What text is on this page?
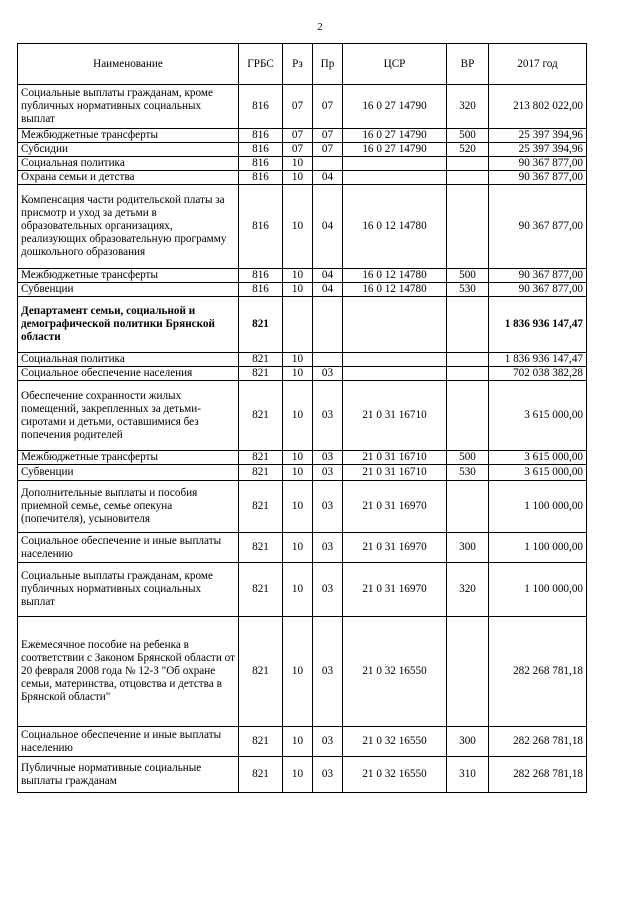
2
Наименование	ГРБС	Рз	Пр	ЦСР	ВР	2017 год
Социальные выплаты гражданам, кроме публичных нормативных социальных выплат	816	07	07	16 0 27 14790	320	213 802 022,00
Межбюджетные трансферты	816	07	07	16 0 27 14790	500	25 397 394,96
Субсидии	816	07	07	16 0 27 14790	520	25 397 394,96
Социальная политика	816	10				90 367 877,00
Охрана семьи и детства	816	10	04			90 367 877,00
Компенсация части родительской платы за присмотр и уход за детьми в образовательных организациях, реализующих образовательную программу дошкольного образования	816	10	04	16 0 12 14780		90 367 877,00
Межбюджетные трансферты	816	10	04	16 0 12 14780	500	90 367 877,00
Субвенции	816	10	04	16 0 12 14780	530	90 367 877,00
Департамент семьи, социальной и демографической политики Брянской области	821					1 836 936 147,47
Социальная политика	821	10				1 836 936 147,47
Социальное обеспечение населения	821	10	03			702 038 382,28
Обеспечение сохранности жилых помещений, закрепленных за детьми-сиротами и детьми, оставшимися без попечения родителей	821	10	03	21 0 31 16710		3 615 000,00
Межбюджетные трансферты	821	10	03	21 0 31 16710	500	3 615 000,00
Субвенции	821	10	03	21 0 31 16710	530	3 615 000,00
Дополнительные выплаты и пособия приемной семье, семье опекуна (попечителя), усыновителя	821	10	03	21 0 31 16970		1 100 000,00
Социальное обеспечение и иные выплаты населению	821	10	03	21 0 31 16970	300	1 100 000,00
Социальные выплаты гражданам, кроме публичных нормативных социальных выплат	821	10	03	21 0 31 16970	320	1 100 000,00
Ежемесячное пособие на ребенка в соответствии с Законом Брянской области от 20 февраля 2008 года № 12-З "Об охране семьи, материнства, отцовства и детства в Брянской области"	821	10	03	21 0 32 16550		282 268 781,18
Социальное обеспечение и иные выплаты населению	821	10	03	21 0 32 16550	300	282 268 781,18
Публичные нормативные социальные выплаты гражданам	821	10	03	21 0 32 16550	310	282 268 781,18
